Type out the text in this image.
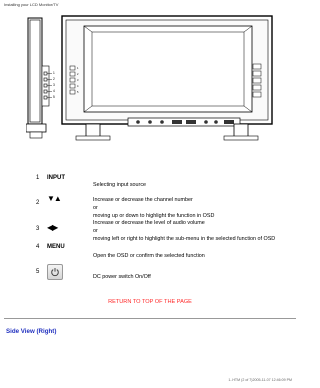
Installing your LCD Monitor/TV
1
2
3
4
5
1
2
3
4
5
1 INPUT
Selecting input source
2 ▼▲	Increase or decrease the channel number
or
moving up or down to highlight the function in OSD
3 ◀▶	Increase or decrease the level of audio volume
or
moving left or right to highlight the sub-menu in the selected function of OSD
4 MENU
Open the OSD or confirm the selected function
5
DC power switch On/Off
RETURN TO TOP OF THE PAGE
Side View (Right)
1..HTM (2 of 7)2005-11-07 12:46:09 PM
